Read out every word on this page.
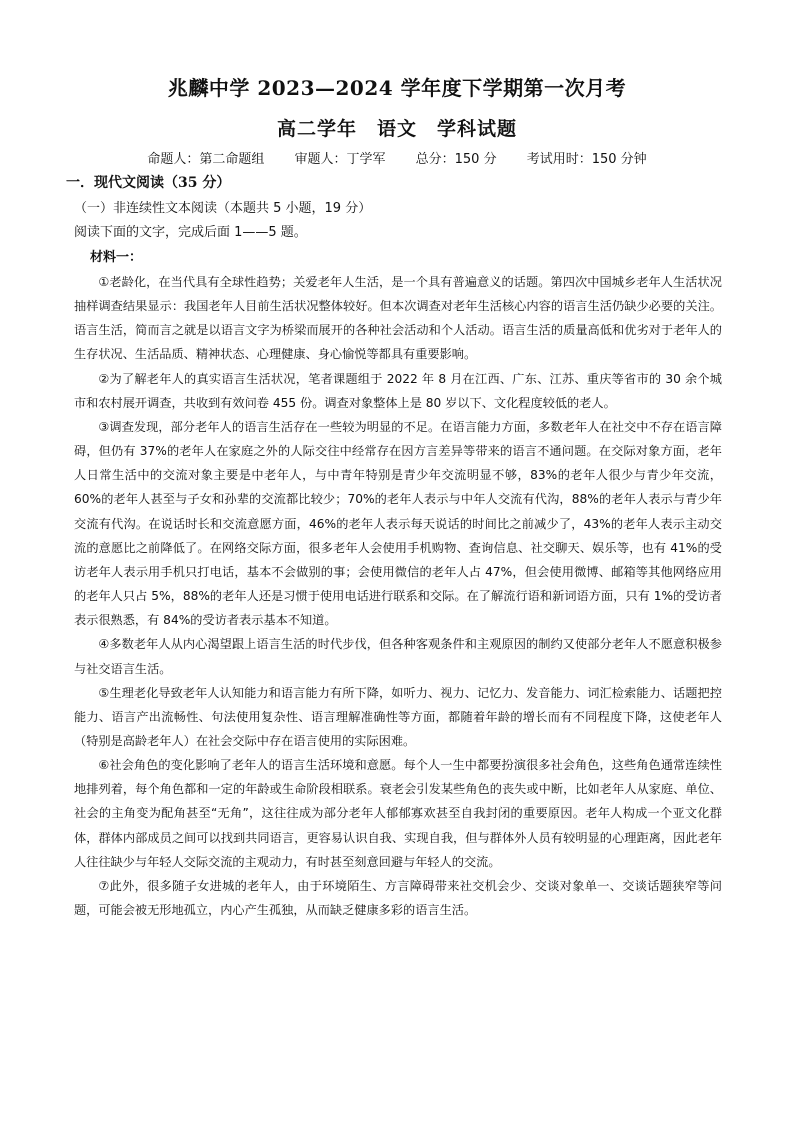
兆麟中学 2023—2024 学年度下学期第一次月考
高二学年　语文　学科试题
命题人：第二命题组 审题人：丁学军 总分：150 分 考试用时：150 分钟
一．现代文阅读（35 分）
（一）非连续性文本阅读（本题共 5 小题，19 分）
阅读下面的文字，完成后面 1——5 题。
材料一：

①老龄化，在当代具有全球性趋势；关爱老年人生活，是一个具有普遍意义的话题。第四次中国城乡老年人生活状况抽样调查结果显示：我国老年人目前生活状况整体较好。但本次调查对老年生活核心内容的语言生活仍缺少必要的关注。语言生活，简而言之就是以语言文字为桥梁而展开的各种社会活动和个人活动。语言生活的质量高低和优劣对于老年人的生存状况、生活品质、精神状态、心理健康、身心愉悦等都具有重要影响。

②为了解老年人的真实语言生活状况，笔者课题组于 2022 年 8 月在江西、广东、江苏、重庆等省市的 30 余个城市和农村展开调查，共收到有效问卷 455 份。调查对象整体上是 80 岁以下、文化程度较低的老人。

③调查发现，部分老年人的语言生活存在一些较为明显的不足。在语言能力方面，多数老年人在社交中不存在语言障碍，但仍有 37%的老年人在家庭之外的人际交往中经常存在因方言差异等带来的语言不通问题。在交际对象方面，老年人日常生活中的交流对象主要是中老年人，与中青年特别是青少年交流明显不够，83%的老年人很少与青少年交流，60%的老年人甚至与子女和孙辈的交流都比较少；70%的老年人表示与中年人交流有代沟，88%的老年人表示与青少年交流有代沟。在说话时长和交流意愿方面，46%的老年人表示每天说话的时间比之前减少了，43%的老年人表示主动交流的意愿比之前降低了。在网络交际方面，很多老年人会使用手机购物、查询信息、社交聊天、娱乐等，也有 41%的受访老年人表示用手机只打电话，基本不会做别的事；会使用微信的老年人占 47%，但会使用微博、邮箱等其他网络应用的老年人只占 5%，88%的老年人还是习惯于使用电话进行联系和交际。在了解流行语和新词语方面，只有 1%的受访者表示很熟悉，有 84%的受访者表示基本不知道。

④多数老年人从内心渴望跟上语言生活的时代步伐，但各种客观条件和主观原因的制约又使部分老年人不愿意积极参与社交语言生活。

⑤生理老化导致老年人认知能力和语言能力有所下降，如听力、视力、记忆力、发音能力、词汇检索能力、话题把控能力、语言产出流畅性、句法使用复杂性、语言理解准确性等方面，都随着年龄的增长而有不同程度下降，这使老年人（特别是高龄老年人）在社会交际中存在语言使用的实际困难。

⑥社会角色的变化影响了老年人的语言生活环境和意愿。每个人一生中都要扮演很多社会角色，这些角色通常连续性地排列着，每个角色都和一定的年龄或生命阶段相联系。衰老会引发某些角色的丧失或中断，比如老年人从家庭、单位、社会的主角变为配角甚至“无角”，这往往成为部分老年人郁郁寡欢甚至自我封闭的重要原因。老年人构成一个亚文化群体，群体内部成员之间可以找到共同语言，更容易认识自我、实现自我，但与群体外人员有较明显的心理距离，因此老年人往往缺少与年轻人交际交流的主观动力，有时甚至刻意回避与年轻人的交流。

⑦此外，很多随子女进城的老年人，由于环境陌生、方言障碍带来社交机会少、交谈对象单一、交谈话题狭窄等问题，可能会被无形地孤立，内心产生孤独，从而缺乏健康多彩的语言生活。
